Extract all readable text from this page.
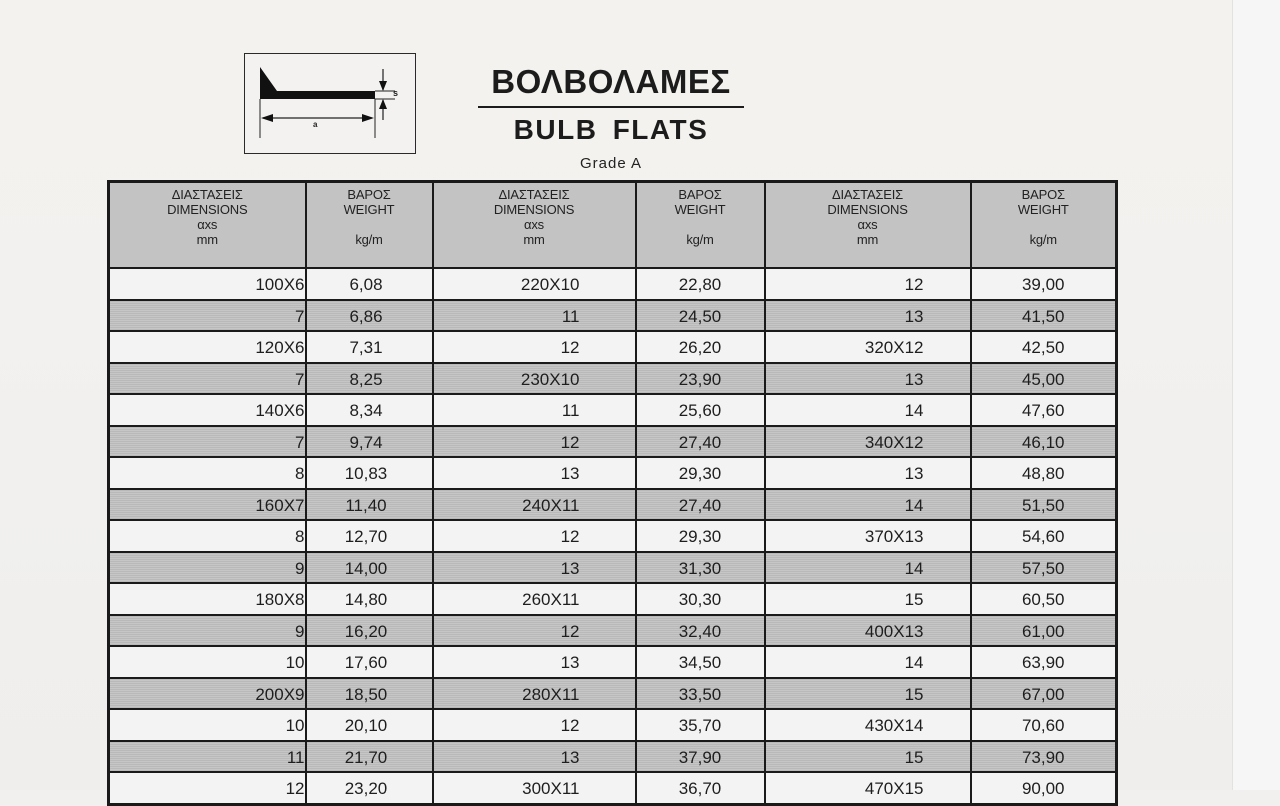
a
s	ΒΟΛΒΟΛΑΜΕΣ
BULB FLATS
Grade A
ΔΙΑΣΤΑΣΕΙΣ
DIMENSIONS
αxs
mm	ΒΑΡΟΣ
WEIGHT
kg/m	ΔΙΑΣΤΑΣΕΙΣ
DIMENSIONS
αxs
mm	ΒΑΡΟΣ
WEIGHT
kg/m	ΔΙΑΣΤΑΣΕΙΣ
DIMENSIONS
αxs
mm	ΒΑΡΟΣ
WEIGHT
kg/m

100X6	6,08	220X10	22,80	12	39,00
7	6,86	11	24,50	13	41,50
120X6	7,31	12	26,20	320X12	42,50
7	8,25	230X10	23,90	13	45,00
140X6	8,34	11	25,60	14	47,60
7	9,74	12	27,40	340X12	46,10
8	10,83	13	29,30	13	48,80
160X7	11,40	240X11	27,40	14	51,50
8	12,70	12	29,30	370X13	54,60
9	14,00	13	31,30	14	57,50
180X8	14,80	260X11	30,30	15	60,50
9	16,20	12	32,40	400X13	61,00
10	17,60	13	34,50	14	63,90
200X9	18,50	280X11	33,50	15	67,00
10	20,10	12	35,70	430X14	70,60
11	21,70	13	37,90	15	73,90
12	23,20	300X11	36,70	470X15	90,00
